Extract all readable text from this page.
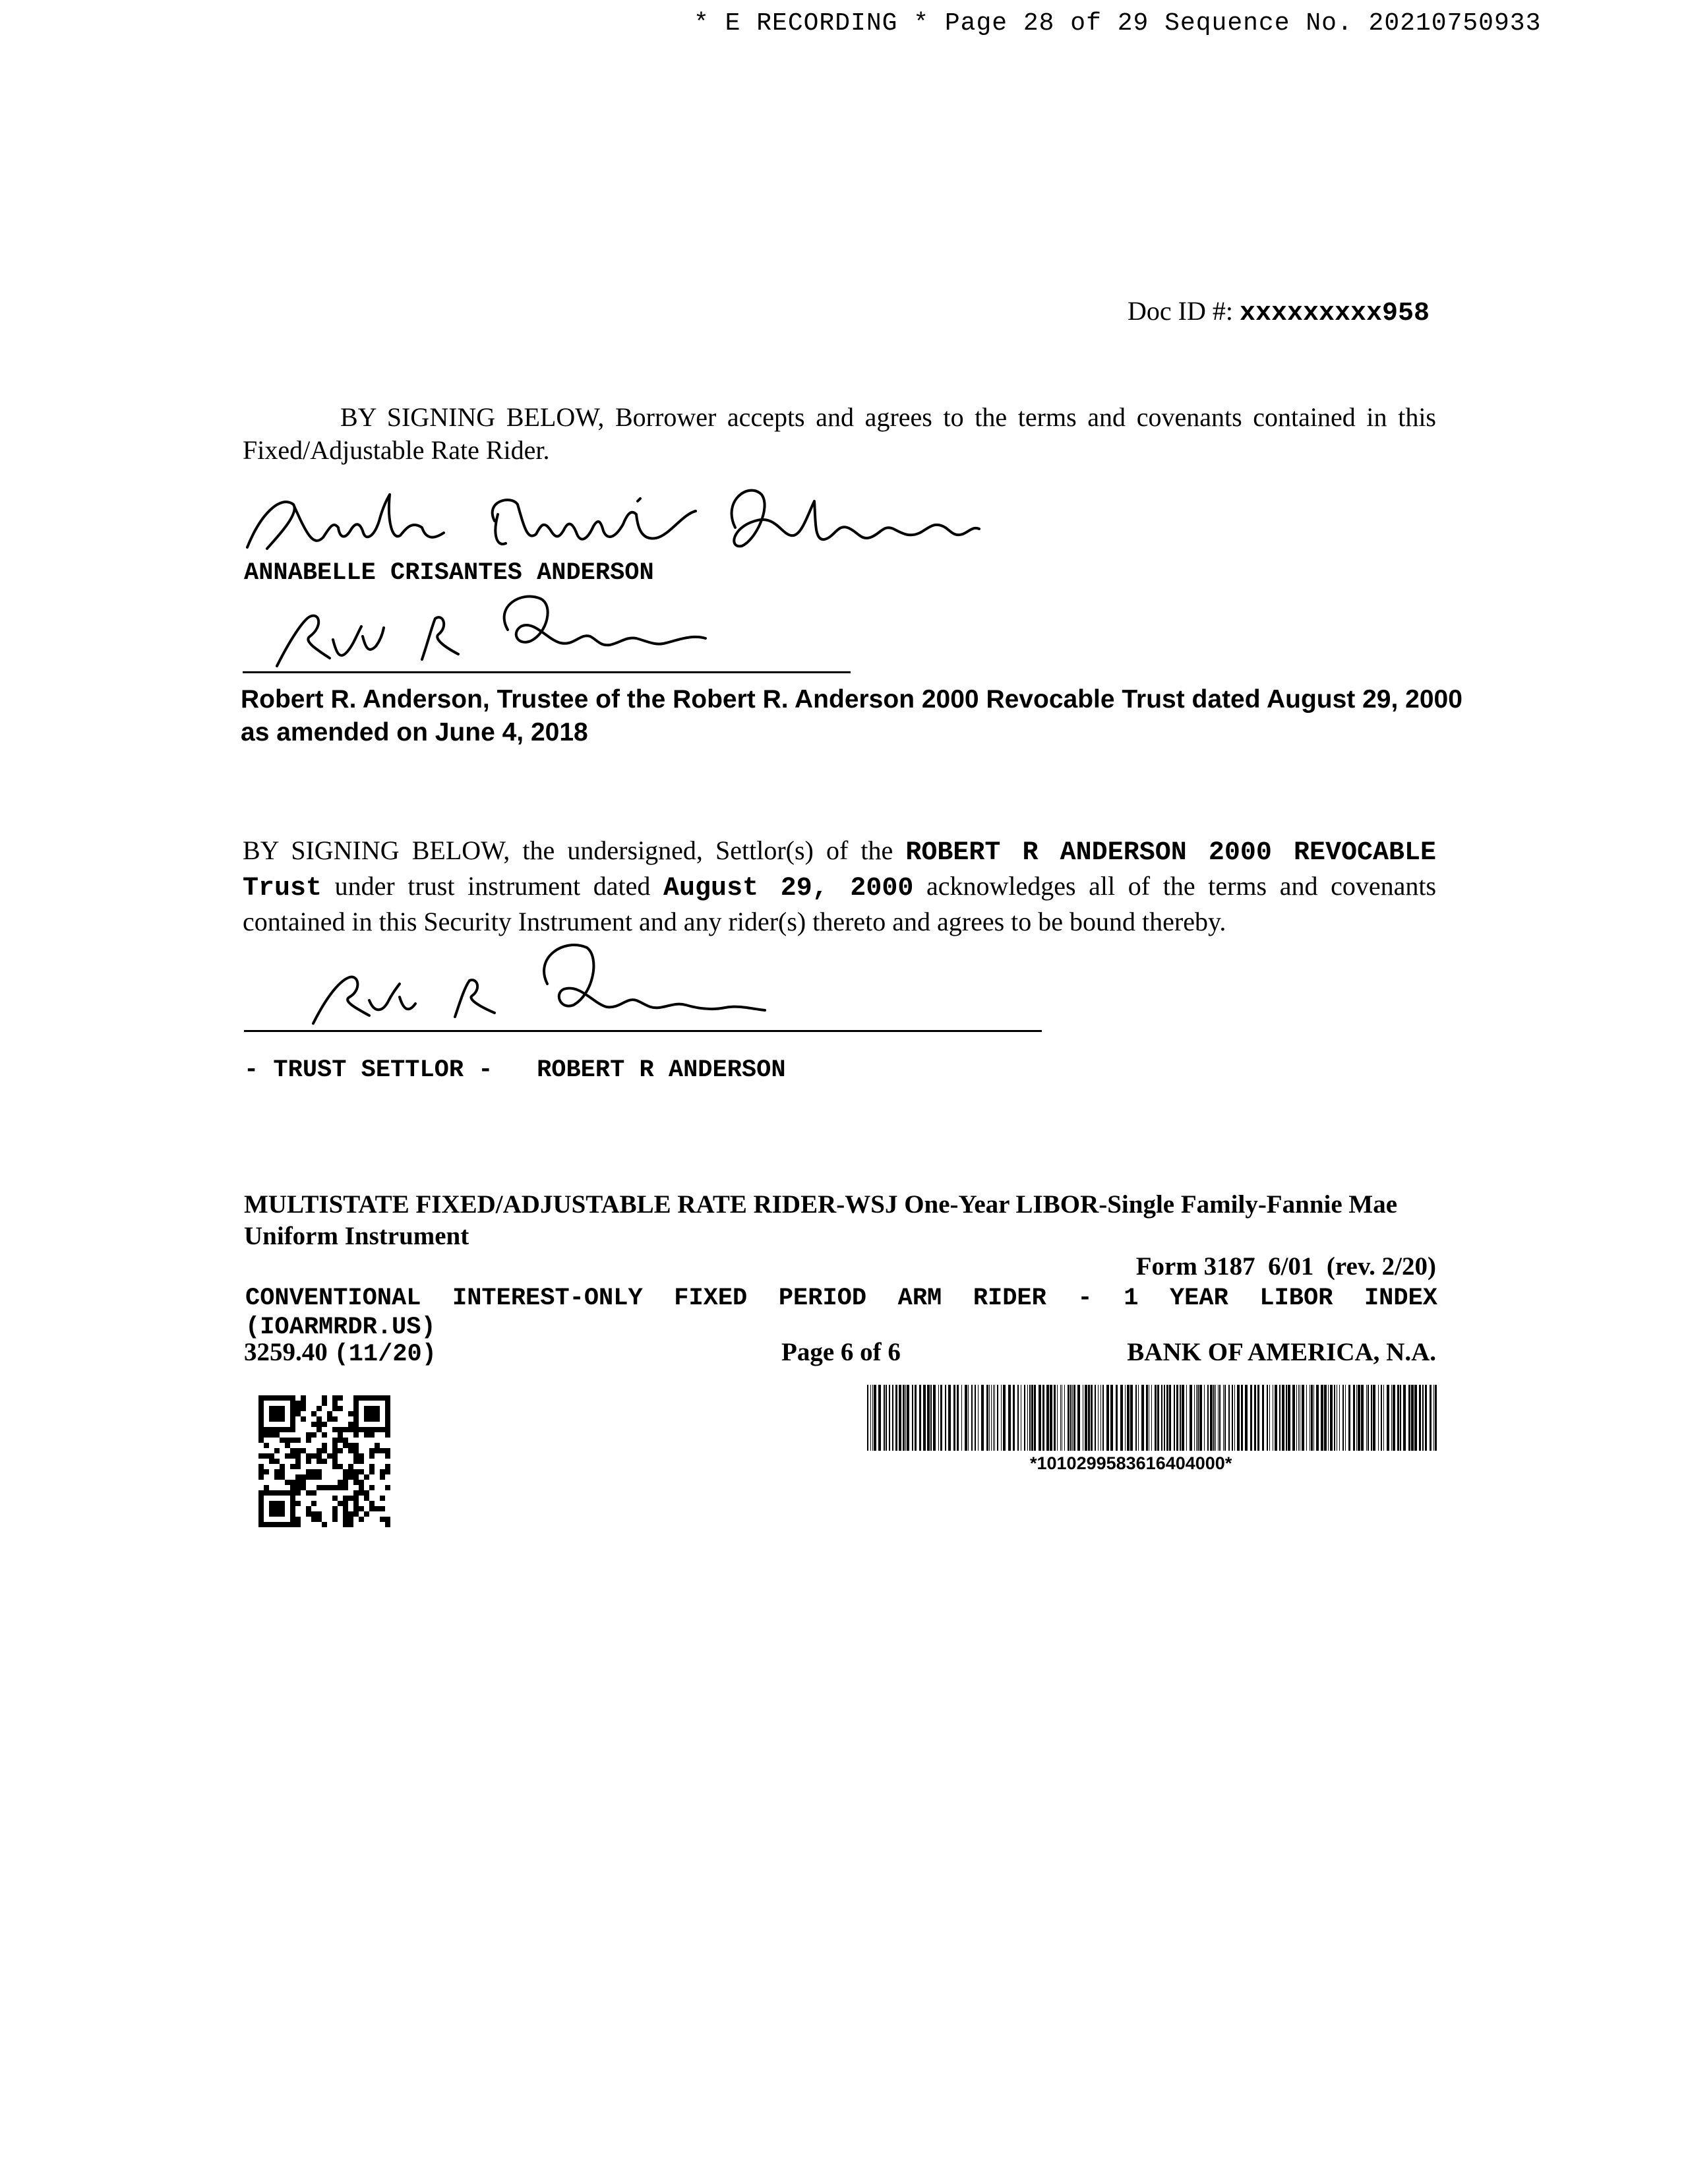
* E RECORDING * Page 28 of 29 Sequence No. 20210750933
Doc ID #: xxxxxxxxx958
BY SIGNING BELOW, Borrower accepts and agrees to the terms and covenants contained in this Fixed/Adjustable Rate Rider.
ANNABELLE CRISANTES ANDERSON
Robert R. Anderson, Trustee of the Robert R. Anderson 2000 Revocable Trust dated August 29, 2000 as amended on June 4, 2018
BY SIGNING BELOW, the undersigned, Settlor(s) of the ROBERT R ANDERSON 2000 REVOCABLE Trust under trust instrument dated August 29, 2000 acknowledges all of the terms and covenants contained in this Security Instrument and any rider(s) thereto and agrees to be bound thereby.
- TRUST SETTLOR -   ROBERT R ANDERSON
MULTISTATE FIXED/ADJUSTABLE RATE RIDER-WSJ One-Year LIBOR-Single Family-Fannie Mae Uniform Instrument
Form 3187  6/01  (rev. 2/20)
CONVENTIONAL INTEREST-ONLY FIXED PERIOD ARM RIDER - 1 YEAR LIBOR INDEX
(IOARMRDR.US)
3259.40 (11/20)	Page 6 of 6	BANK OF AMERICA, N.A.
*1010299583616404000*
